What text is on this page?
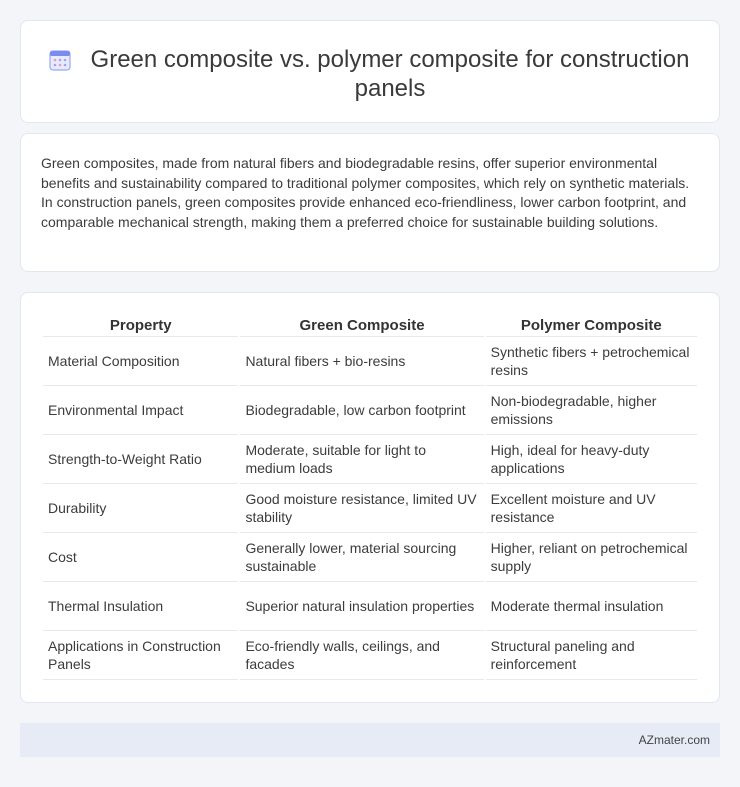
Green composite vs. polymer composite for construction panels

Green composites, made from natural fibers and biodegradable resins, offer superior environmental benefits and sustainability compared to traditional polymer composites, which rely on synthetic materials. In construction panels, green composites provide enhanced eco-friendliness, lower carbon footprint, and comparable mechanical strength, making them a preferred choice for sustainable building solutions.

Property	Green Composite	Polymer Composite
Material Composition	Natural fibers + bio-resins	Synthetic fibers + petrochemical resins
Environmental Impact	Biodegradable, low carbon footprint	Non-biodegradable, higher emissions
Strength-to-Weight Ratio	Moderate, suitable for light to medium loads	High, ideal for heavy-duty applications
Durability	Good moisture resistance, limited UV stability	Excellent moisture and UV resistance
Cost	Generally lower, material sourcing sustainable	Higher, reliant on petrochemical supply
Thermal Insulation	Superior natural insulation properties	Moderate thermal insulation
Applications in Construction Panels	Eco-friendly walls, ceilings, and facades	Structural paneling and reinforcement
AZmater.com
